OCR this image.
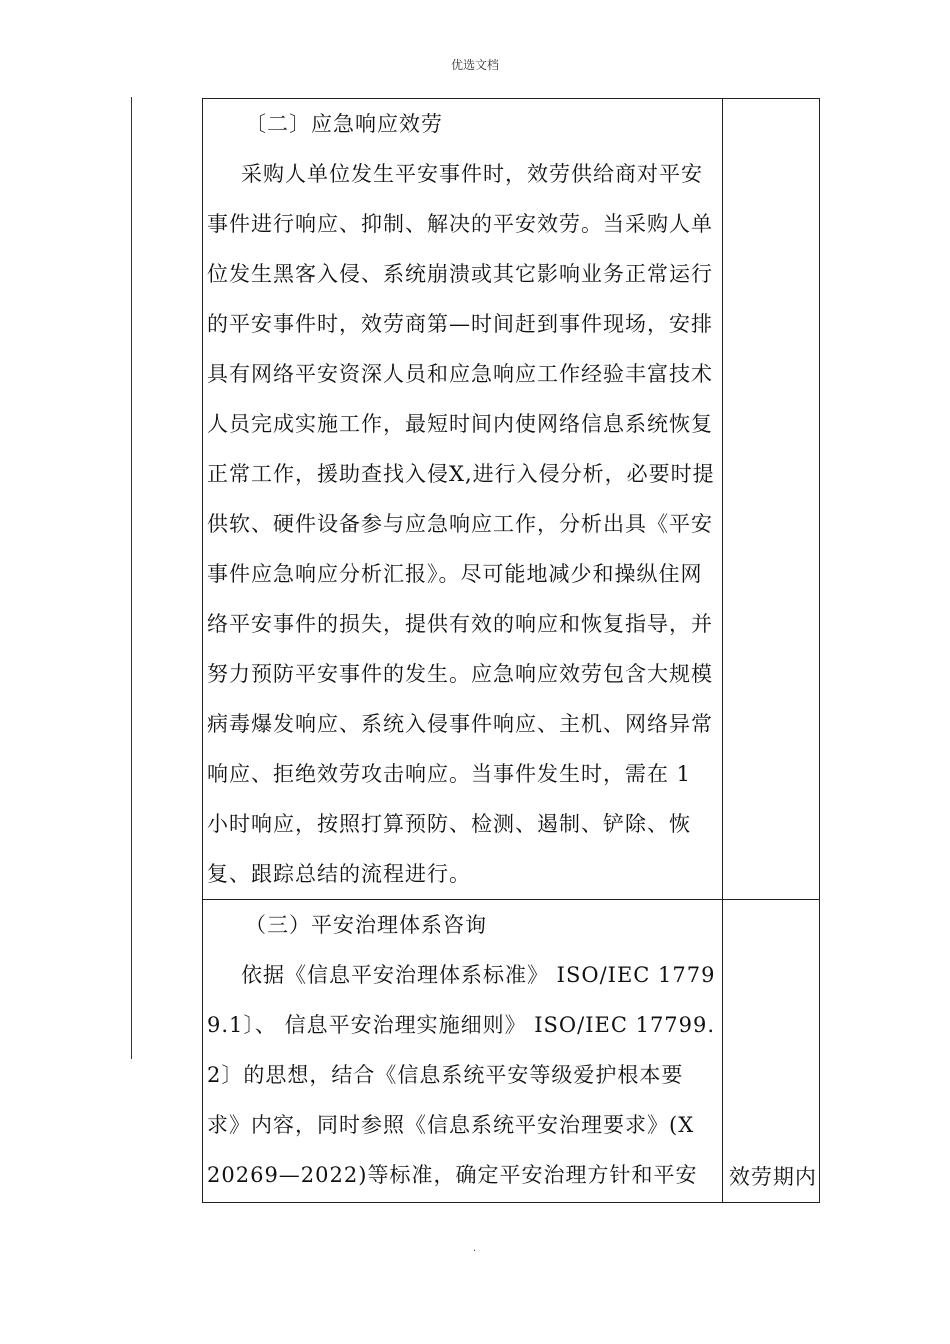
优选文档

〔二〕应急响应效劳

采购人单位发生平安事件时，效劳供给商对平安事件进行响应、抑制、解决的平安效劳。当采购人单位发生黑客入侵、系统崩溃或其它影响业务正常运行的平安事件时，效劳商第—时间赶到事件现场，安排具有网络平安资深人员和应急响应工作经验丰富技术人员完成实施工作，最短时间内使网络信息系统恢复正常工作，援助查找入侵X,进行入侵分析，必要时提供软、硬件设备参与应急响应工作，分析出具《平安事件应急响应分析汇报》。尽可能地减少和操纵住网络平安事件的损失，提供有效的响应和恢复指导，并努力预防平安事件的发生。应急响应效劳包含大规模病毒爆发响应、系统入侵事件响应、主机、网络异常响应、拒绝效劳攻击响应。当事件发生时，需在 1 小时响应，按照打算预防、检测、遏制、铲除、恢复、跟踪总结的流程进行。	

（三）平安治理体系咨询

依据《信息平安治理体系标准》 ISO/IEC 17799.1〕、 信息平安治理实施细则》 ISO/IEC 17799.2〕的思想，结合《信息系统平安等级爱护根本要求》内容，同时参照《信息系统平安治理要求》(X 20269—2022)等标准，确定平安治理方针和平安	效劳期内
.
